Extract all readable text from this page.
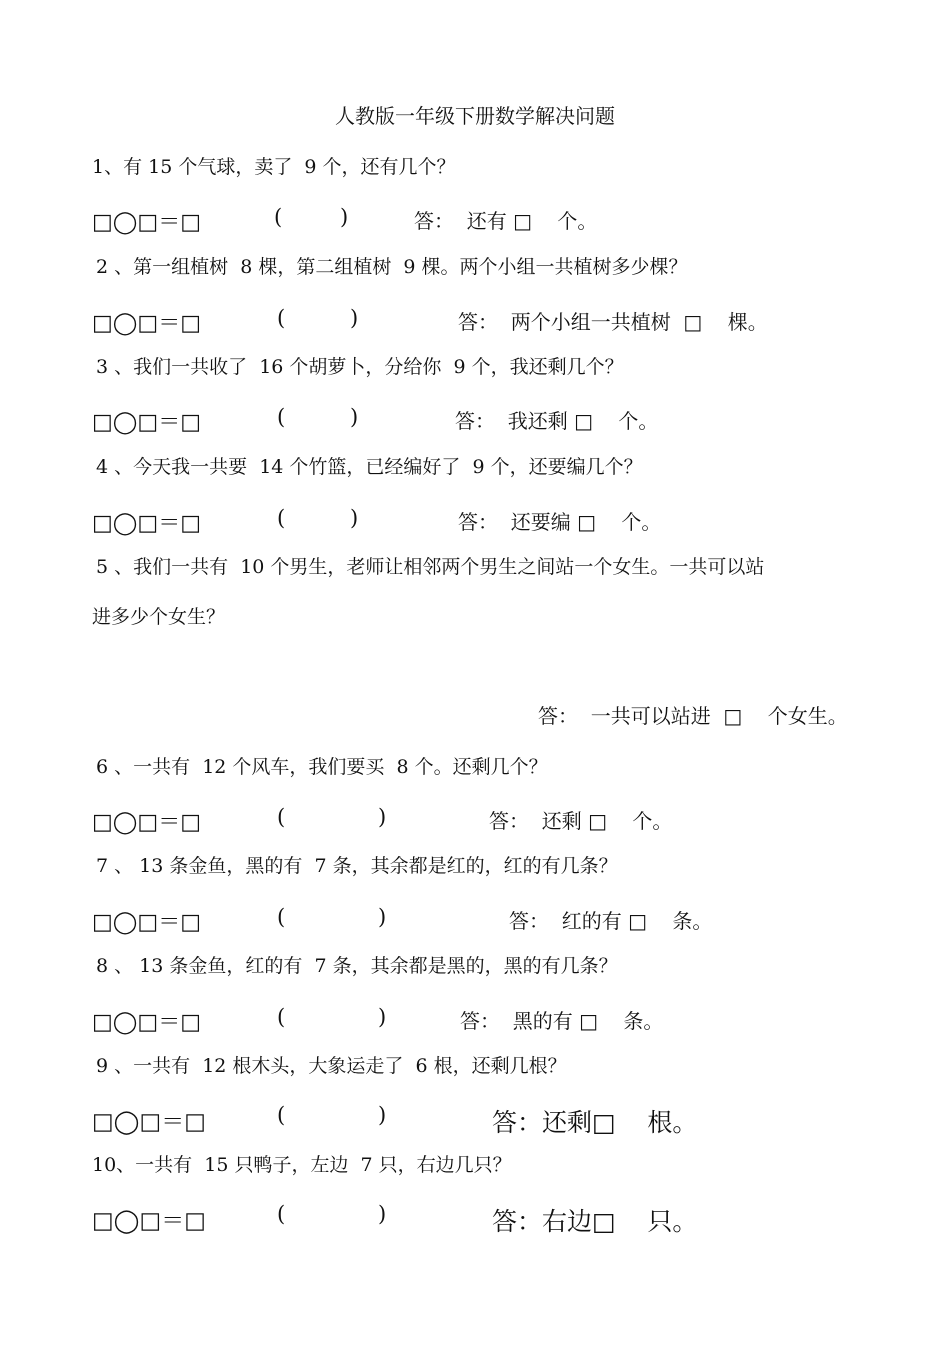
人教版一年级下册数学解决问题
1、有 15 个气球，卖了  9 个，还有几个？
□◯□＝□	(	)	答：  还有 □    个。
2 、第一组植树  8 棵，第二组植树  9 棵。两个小组一共植树多少棵？
□◯□＝□	(	)	答：  两个小组一共植树  □    棵。
3 、我们一共收了  16 个胡萝卜，分给你  9 个，我还剩几个？
□◯□＝□	(	)	答：  我还剩 □    个。
4 、今天我一共要  14 个竹篮，已经编好了  9 个，还要编几个？
□◯□＝□	(	)	答：  还要编 □    个。
5 、我们一共有  10 个男生，老师让相邻两个男生之间站一个女生。一共可以站
进多少个女生？
答：  一共可以站进  □    个女生。
6 、一共有  12 个风车，我们要买  8 个。还剩几个？
□◯□＝□	(	)	答：  还剩 □    个。
7 、 13 条金鱼，黑的有  7 条，其余都是红的，红的有几条？
□◯□＝□	(	)	答：  红的有 □    条。
8 、 13 条金鱼，红的有  7 条，其余都是黑的，黑的有几条？
□◯□＝□	(	)	答：  黑的有 □    条。
9 、一共有  12 根木头，大象运走了  6 根，还剩几根？
□◯□＝□	(	)	答：还剩□    根。
10、一共有  15 只鸭子，左边  7 只，右边几只？
□◯□＝□	(	)	答：右边□    只。
